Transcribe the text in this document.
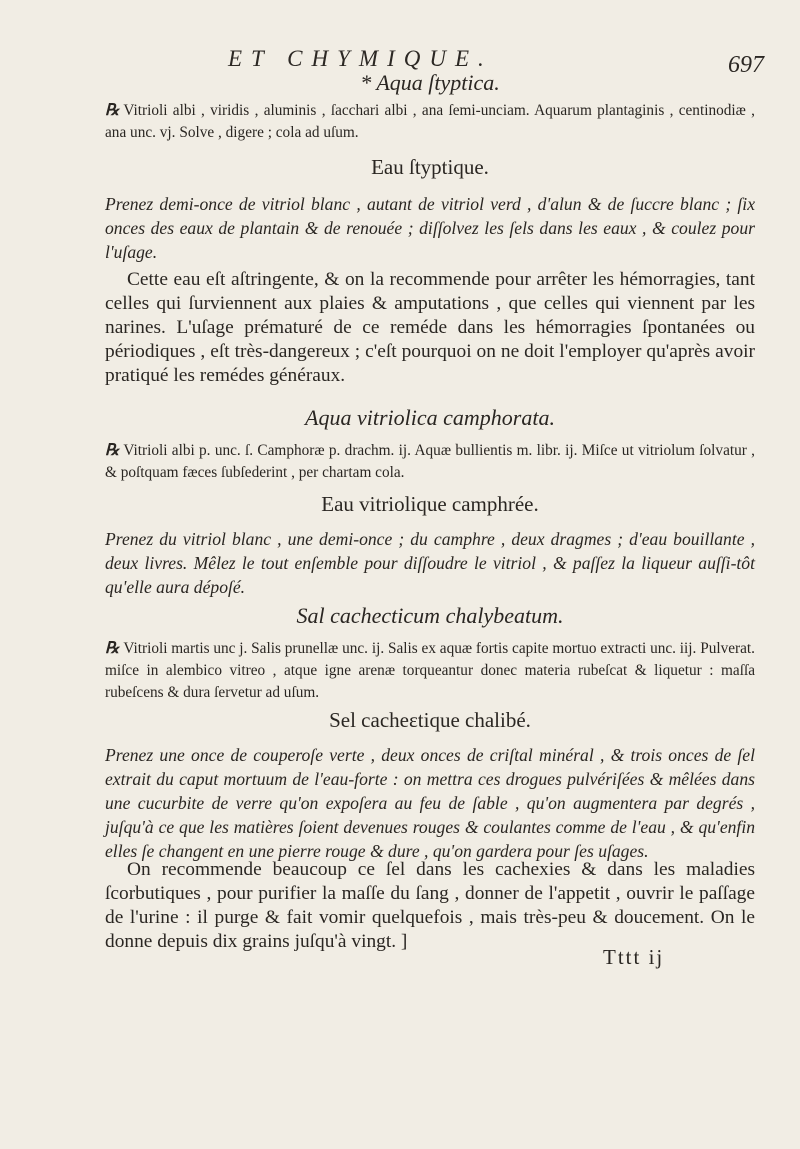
ET CHYMIQUE.	697
* Aqua ſtyptica.
℞ Vitrioli albi , viridis , aluminis , ſacchari albi , ana ſemi-unciam. Aquarum plantaginis , centinodiæ , ana unc. vj. Solve , digere ; cola ad uſum.
Eau ſtyptique.
Prenez demi-once de vitriol blanc , autant de vitriol verd , d'alun & de ſuccre blanc ; ſix onces des eaux de plantain & de renouée ; diſſolvez les ſels dans les eaux , & coulez pour l'uſage.
Cette eau eſt aſtringente, & on la recommende pour arrêter les hémorragies, tant celles qui ſurviennent aux plaies & amputations , que celles qui viennent par les narines. L'uſage prématuré de ce reméde dans les hémorragies ſpontanées ou périodiques , eſt très-dangereux ; c'eſt pourquoi on ne doit l'employer qu'après avoir pratiqué les remédes généraux.
Aqua vitriolica camphorata.
℞ Vitrioli albi p. unc. ſ. Camphoræ p. drachm. ij. Aquæ bullientis m. libr. ij. Miſce ut vitriolum ſolvatur , & poſtquam fæces ſubſederint , per chartam cola.
Eau vitriolique camphrée.
Prenez du vitriol blanc , une demi-once ; du camphre , deux dragmes ; d'eau bouillante , deux livres. Mêlez le tout enſemble pour diſſoudre le vitriol , & paſſez la liqueur auſſi-tôt qu'elle aura dépoſé.
Sal cachecticum chalybeatum.
℞ Vitrioli martis unc j. Salis prunellæ unc. ij. Salis ex aquæ fortis capite mortuo extracti unc. iij. Pulverat. miſce in alembico vitreo , atque igne arenæ torqueantur donec materia rubeſcat & liquetur : maſſa rubeſcens & dura ſervetur ad uſum.
Sel cacheɛtique chalibé.
Prenez une once de couperoſe verte , deux onces de criſtal minéral , & trois onces de ſel extrait du caput mortuum de l'eau-forte : on mettra ces drogues pulvériſées & mêlées dans une cucurbite de verre qu'on expoſera au feu de ſable , qu'on augmentera par degrés , juſqu'à ce que les matières ſoient devenues rouges & coulantes comme de l'eau , & qu'enfin elles ſe changent en une pierre rouge & dure , qu'on gardera pour ſes uſages.
On recommende beaucoup ce ſel dans les cachexies & dans les maladies ſcorbutiques , pour purifier la maſſe du ſang , donner de l'appetit , ouvrir le paſſage de l'urine : il purge & fait vomir quelquefois , mais très-peu & doucement. On le donne depuis dix grains juſqu'à vingt. ]
Tttt ij
